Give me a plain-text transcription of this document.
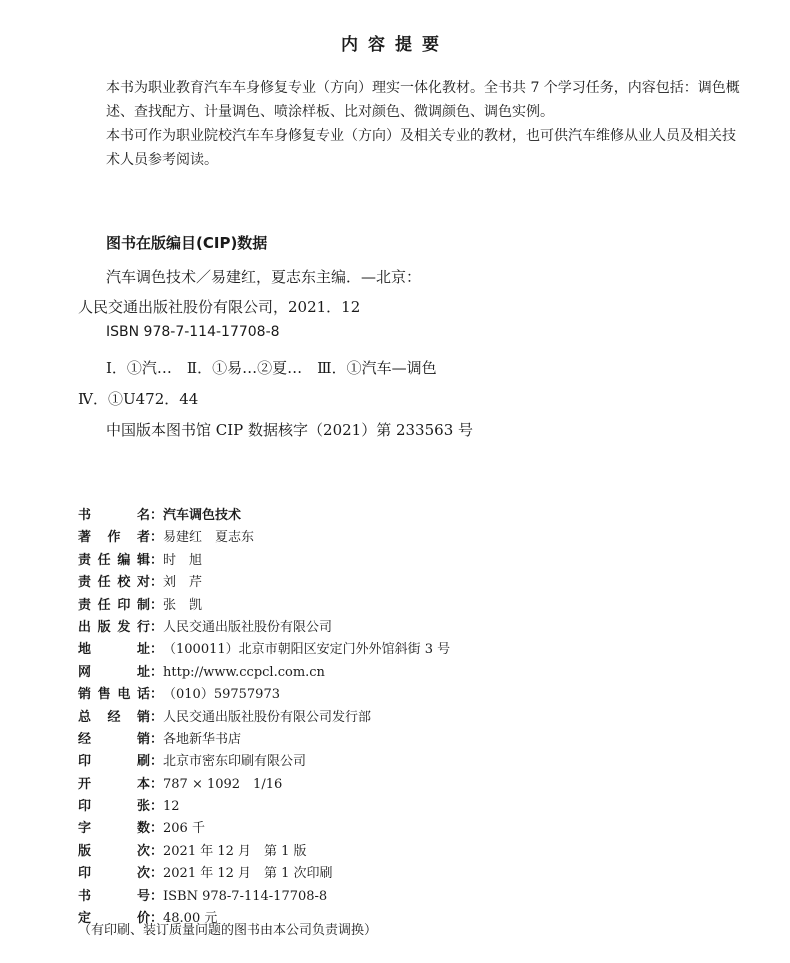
内容提要

本书为职业教育汽车车身修复专业（方向）理实一体化教材。全书共 7 个学习任务，内容包括：调色概述、查找配方、计量调色、喷涂样板、比对颜色、微调颜色、调色实例。

本书可作为职业院校汽车车身修复专业（方向）及相关专业的教材，也可供汽车维修从业人员及相关技术人员参考阅读。

图书在版编目(CIP)数据
汽车调色技术／易建红，夏志东主编．—北京：
人民交通出版社股份有限公司，2021．12
ISBN 978-7-114-17708-8
Ⅰ．①汽…　Ⅱ．①易…②夏…　Ⅲ．①汽车—调色
Ⅳ．①U472．44
中国版本图书馆 CIP 数据核字（2021）第 233563 号
书名 ： 汽车调色技术
著作者 ： 易建红　夏志东
责任编辑 ： 时　旭
责任校对 ： 刘　芹
责任印制 ： 张　凯
出版发行 ： 人民交通出版社股份有限公司
地址 ： （100011）北京市朝阳区安定门外外馆斜街 3 号
网址 ： http://www.ccpcl.com.cn
销售电话 ： （010）59757973
总经销 ： 人民交通出版社股份有限公司发行部
经销 ： 各地新华书店
印刷 ： 北京市密东印刷有限公司
开本 ： 787 × 1092　1/16
印张 ： 12
字数 ： 206 千
版次 ： 2021 年 12 月　第 1 版
印次 ： 2021 年 12 月　第 1 次印刷
书号 ： ISBN 978-7-114-17708-8
定价 ： 48.00 元
（有印刷、装订质量问题的图书由本公司负责调换）
